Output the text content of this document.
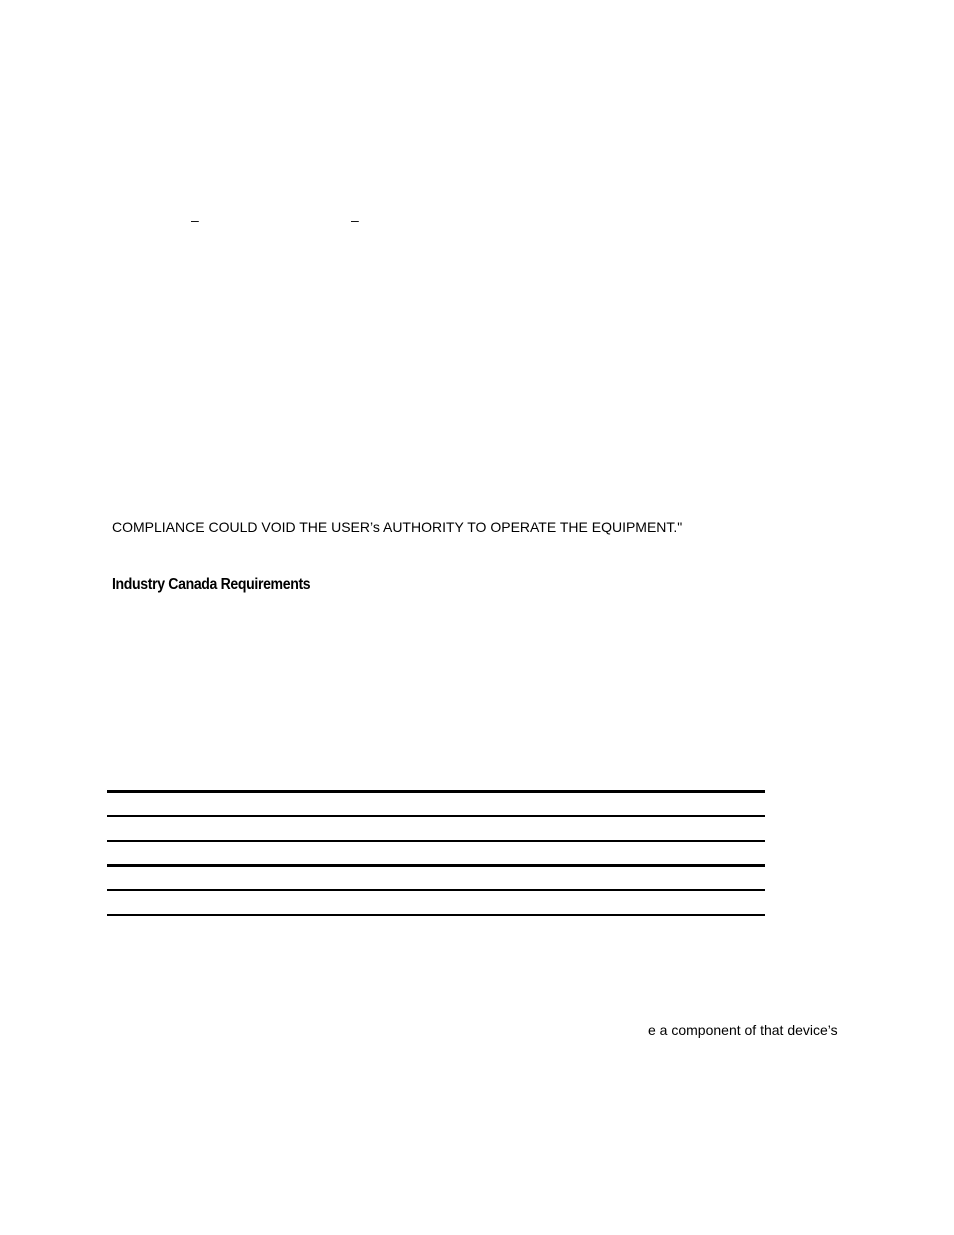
–	–
COMPLIANCE COULD VOID THE USER’s AUTHORITY TO OPERATE THE EQUIPMENT."
Industry Canada Requirements
e a component of that device’s
